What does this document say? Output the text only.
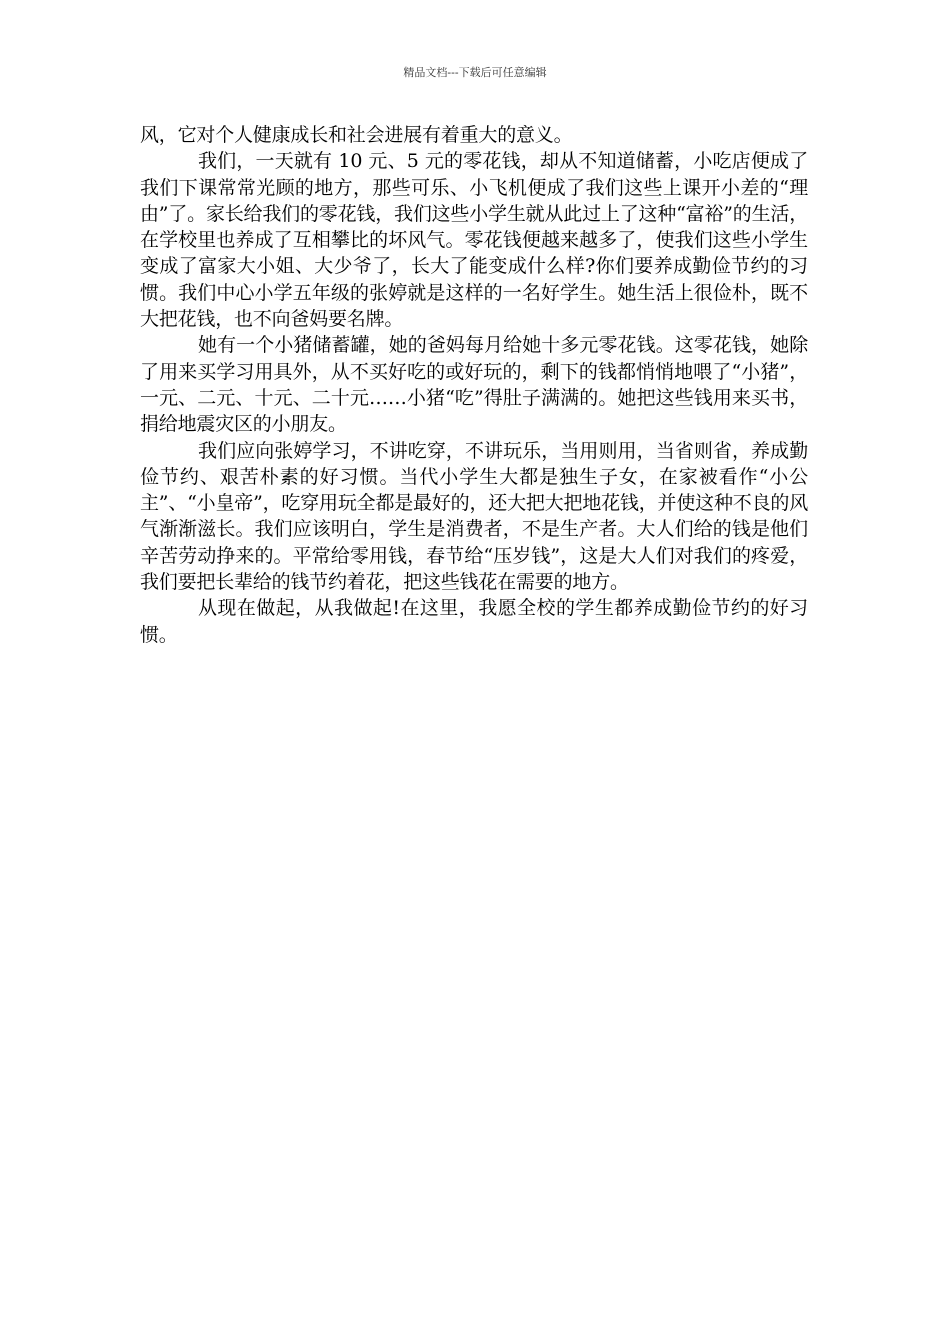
精品文档---下载后可任意编辑

风，它对个人健康成长和社会进展有着重大的意义。

我们，一天就有 10 元、5 元的零花钱，却从不知道储蓄，小吃店便成了我们下课常常光顾的地方，那些可乐、小飞机便成了我们这些上课开小差的“理由”了。家长给我们的零花钱，我们这些小学生就从此过上了这种“富裕”的生活，在学校里也养成了互相攀比的坏风气。零花钱便越来越多了，使我们这些小学生变成了富家大小姐、大少爷了，长大了能变成什么样?你们要养成勤俭节约的习惯。我们中心小学五年级的张婷就是这样的一名好学生。她生活上很俭朴，既不大把花钱，也不向爸妈要名牌。

她有一个小猪储蓄罐，她的爸妈每月给她十多元零花钱。这零花钱，她除了用来买学习用具外，从不买好吃的或好玩的，剩下的钱都悄悄地喂了“小猪”，一元、二元、十元、二十元……小猪“吃”得肚子满满的。她把这些钱用来买书，捐给地震灾区的小朋友。

我们应向张婷学习，不讲吃穿，不讲玩乐，当用则用，当省则省，养成勤俭节约、艰苦朴素的好习惯。当代小学生大都是独生子女，在家被看作“小公主”、“小皇帝”，吃穿用玩全都是最好的，还大把大把地花钱，并使这种不良的风气渐渐滋长。我们应该明白，学生是消费者，不是生产者。大人们给的钱是他们辛苦劳动挣来的。平常给零用钱，春节给“压岁钱”，这是大人们对我们的疼爱，我们要把长辈给的钱节约着花，把这些钱花在需要的地方。

从现在做起，从我做起!在这里，我愿全校的学生都养成勤俭节约的好习惯。
